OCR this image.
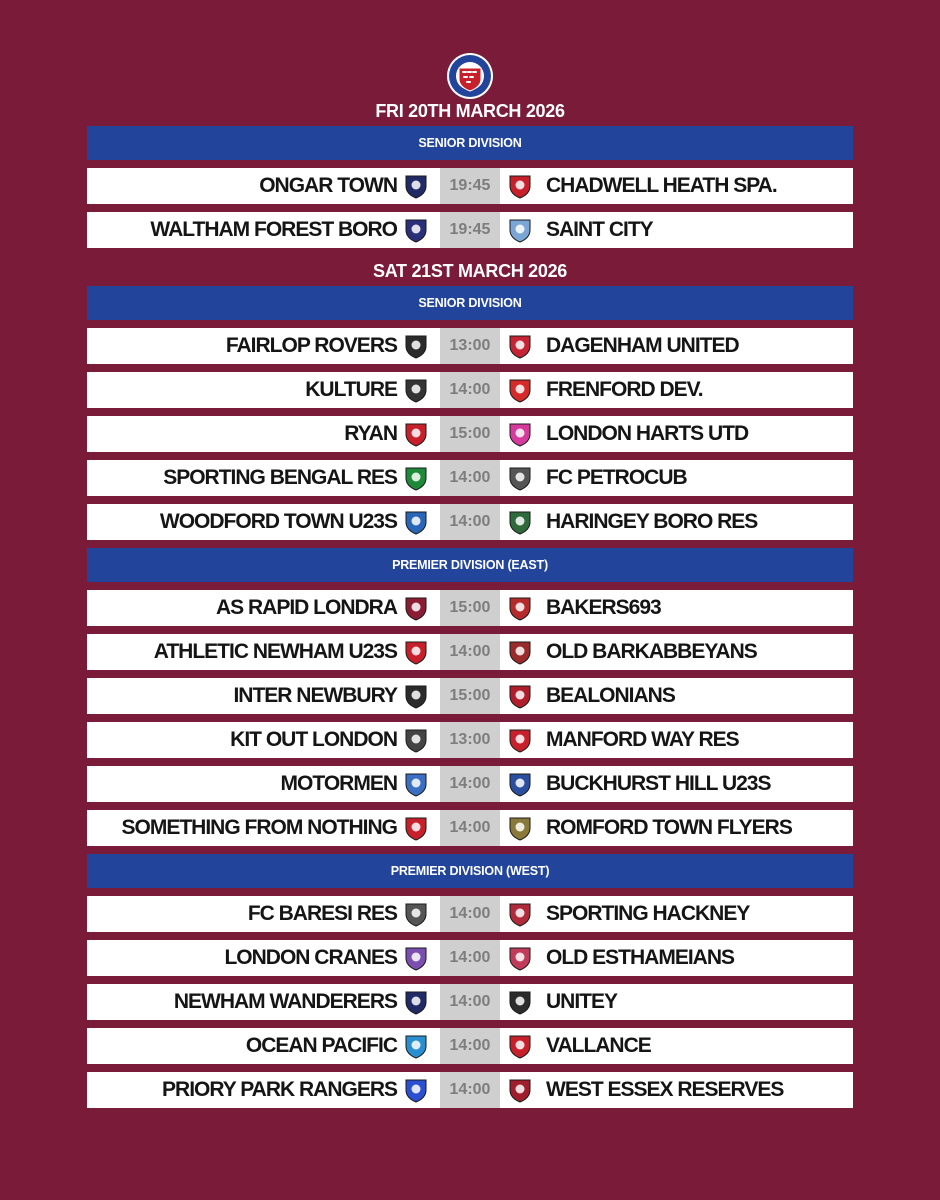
FRI 20TH MARCH 2026
SENIOR DIVISION
ONGAR TOWN	19:45	CHADWELL HEATH SPA.
WALTHAM FOREST BORO	19:45	SAINT CITY
SAT 21ST MARCH 2026
SENIOR DIVISION
FAIRLOP ROVERS	13:00	DAGENHAM UNITED
KULTURE	14:00	FRENFORD DEV.
RYAN	15:00	LONDON HARTS UTD
SPORTING BENGAL RES	14:00	FC PETROCUB
WOODFORD TOWN U23S	14:00	HARINGEY BORO RES
PREMIER DIVISION (EAST)
AS RAPID LONDRA	15:00	BAKERS693
ATHLETIC NEWHAM U23S	14:00	OLD BARKABBEYANS
INTER NEWBURY	15:00	BEALONIANS
KIT OUT LONDON	13:00	MANFORD WAY RES
MOTORMEN	14:00	BUCKHURST HILL U23S
SOMETHING FROM NOTHING	14:00	ROMFORD TOWN FLYERS
PREMIER DIVISION (WEST)
FC BARESI RES	14:00	SPORTING HACKNEY
LONDON CRANES	14:00	OLD ESTHAMEIANS
NEWHAM WANDERERS	14:00	UNITEY
OCEAN PACIFIC	14:00	VALLANCE
PRIORY PARK RANGERS	14:00	WEST ESSEX RESERVES
